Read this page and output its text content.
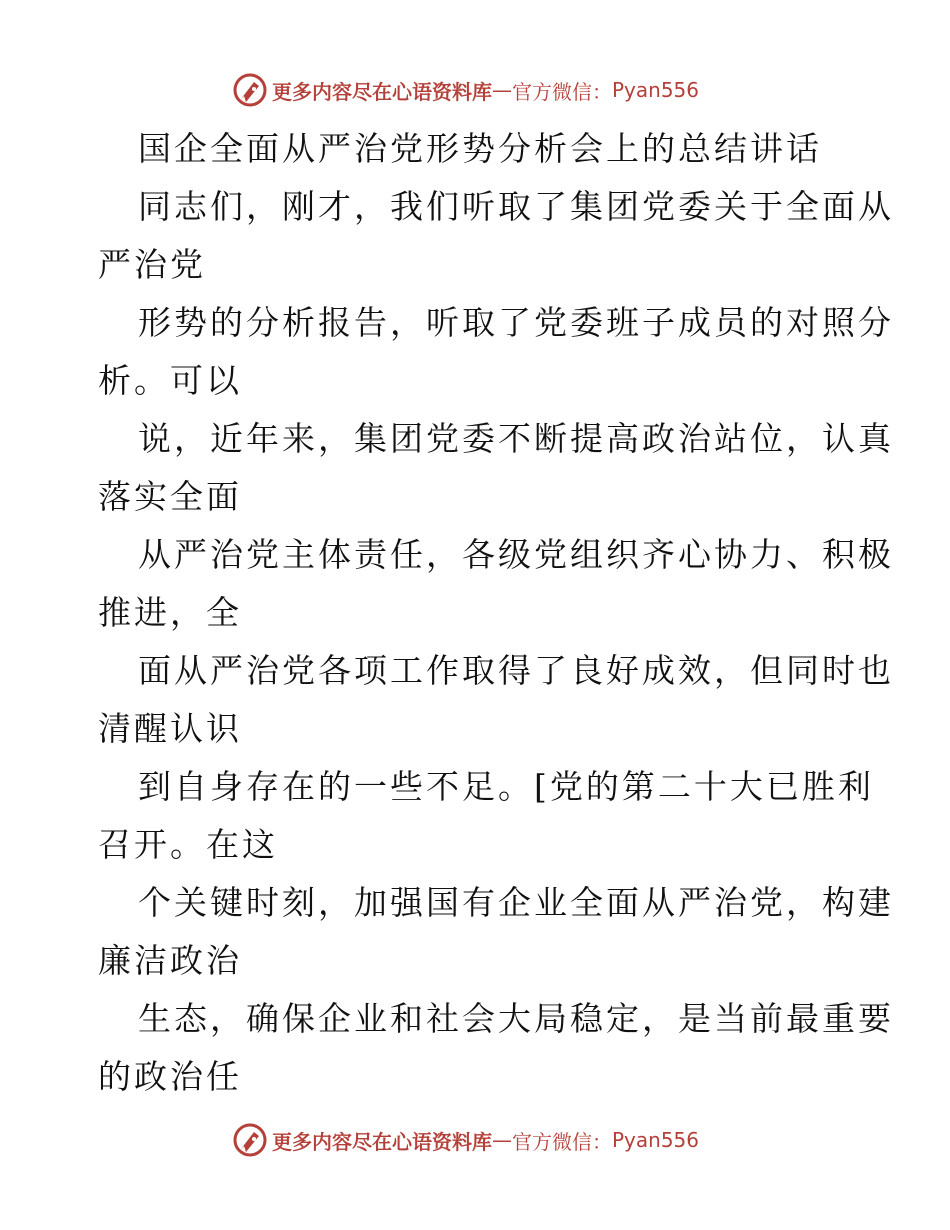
更多内容尽在心语资料库 — 官方微信： Pyan556
国企全面从严治党形势分析会上的总结讲话
同志们，刚才，我们听取了集团党委关于全面从
严治党
形势的分析报告，听取了党委班子成员的对照分
析。可以
说，近年来，集团党委不断提高政治站位，认真
落实全面
从严治党主体责任，各级党组织齐心协力、积极
推进，全
面从严治党各项工作取得了良好成效，但同时也
清醒认识
到自身存在的一些不足。[党的第二十大已胜利
召开。在这
个关键时刻，加强国有企业全面从严治党，构建
廉洁政治
生态，确保企业和社会大局稳定，是当前最重要
的政治任
更多内容尽在心语资料库 — 官方微信： Pyan556
